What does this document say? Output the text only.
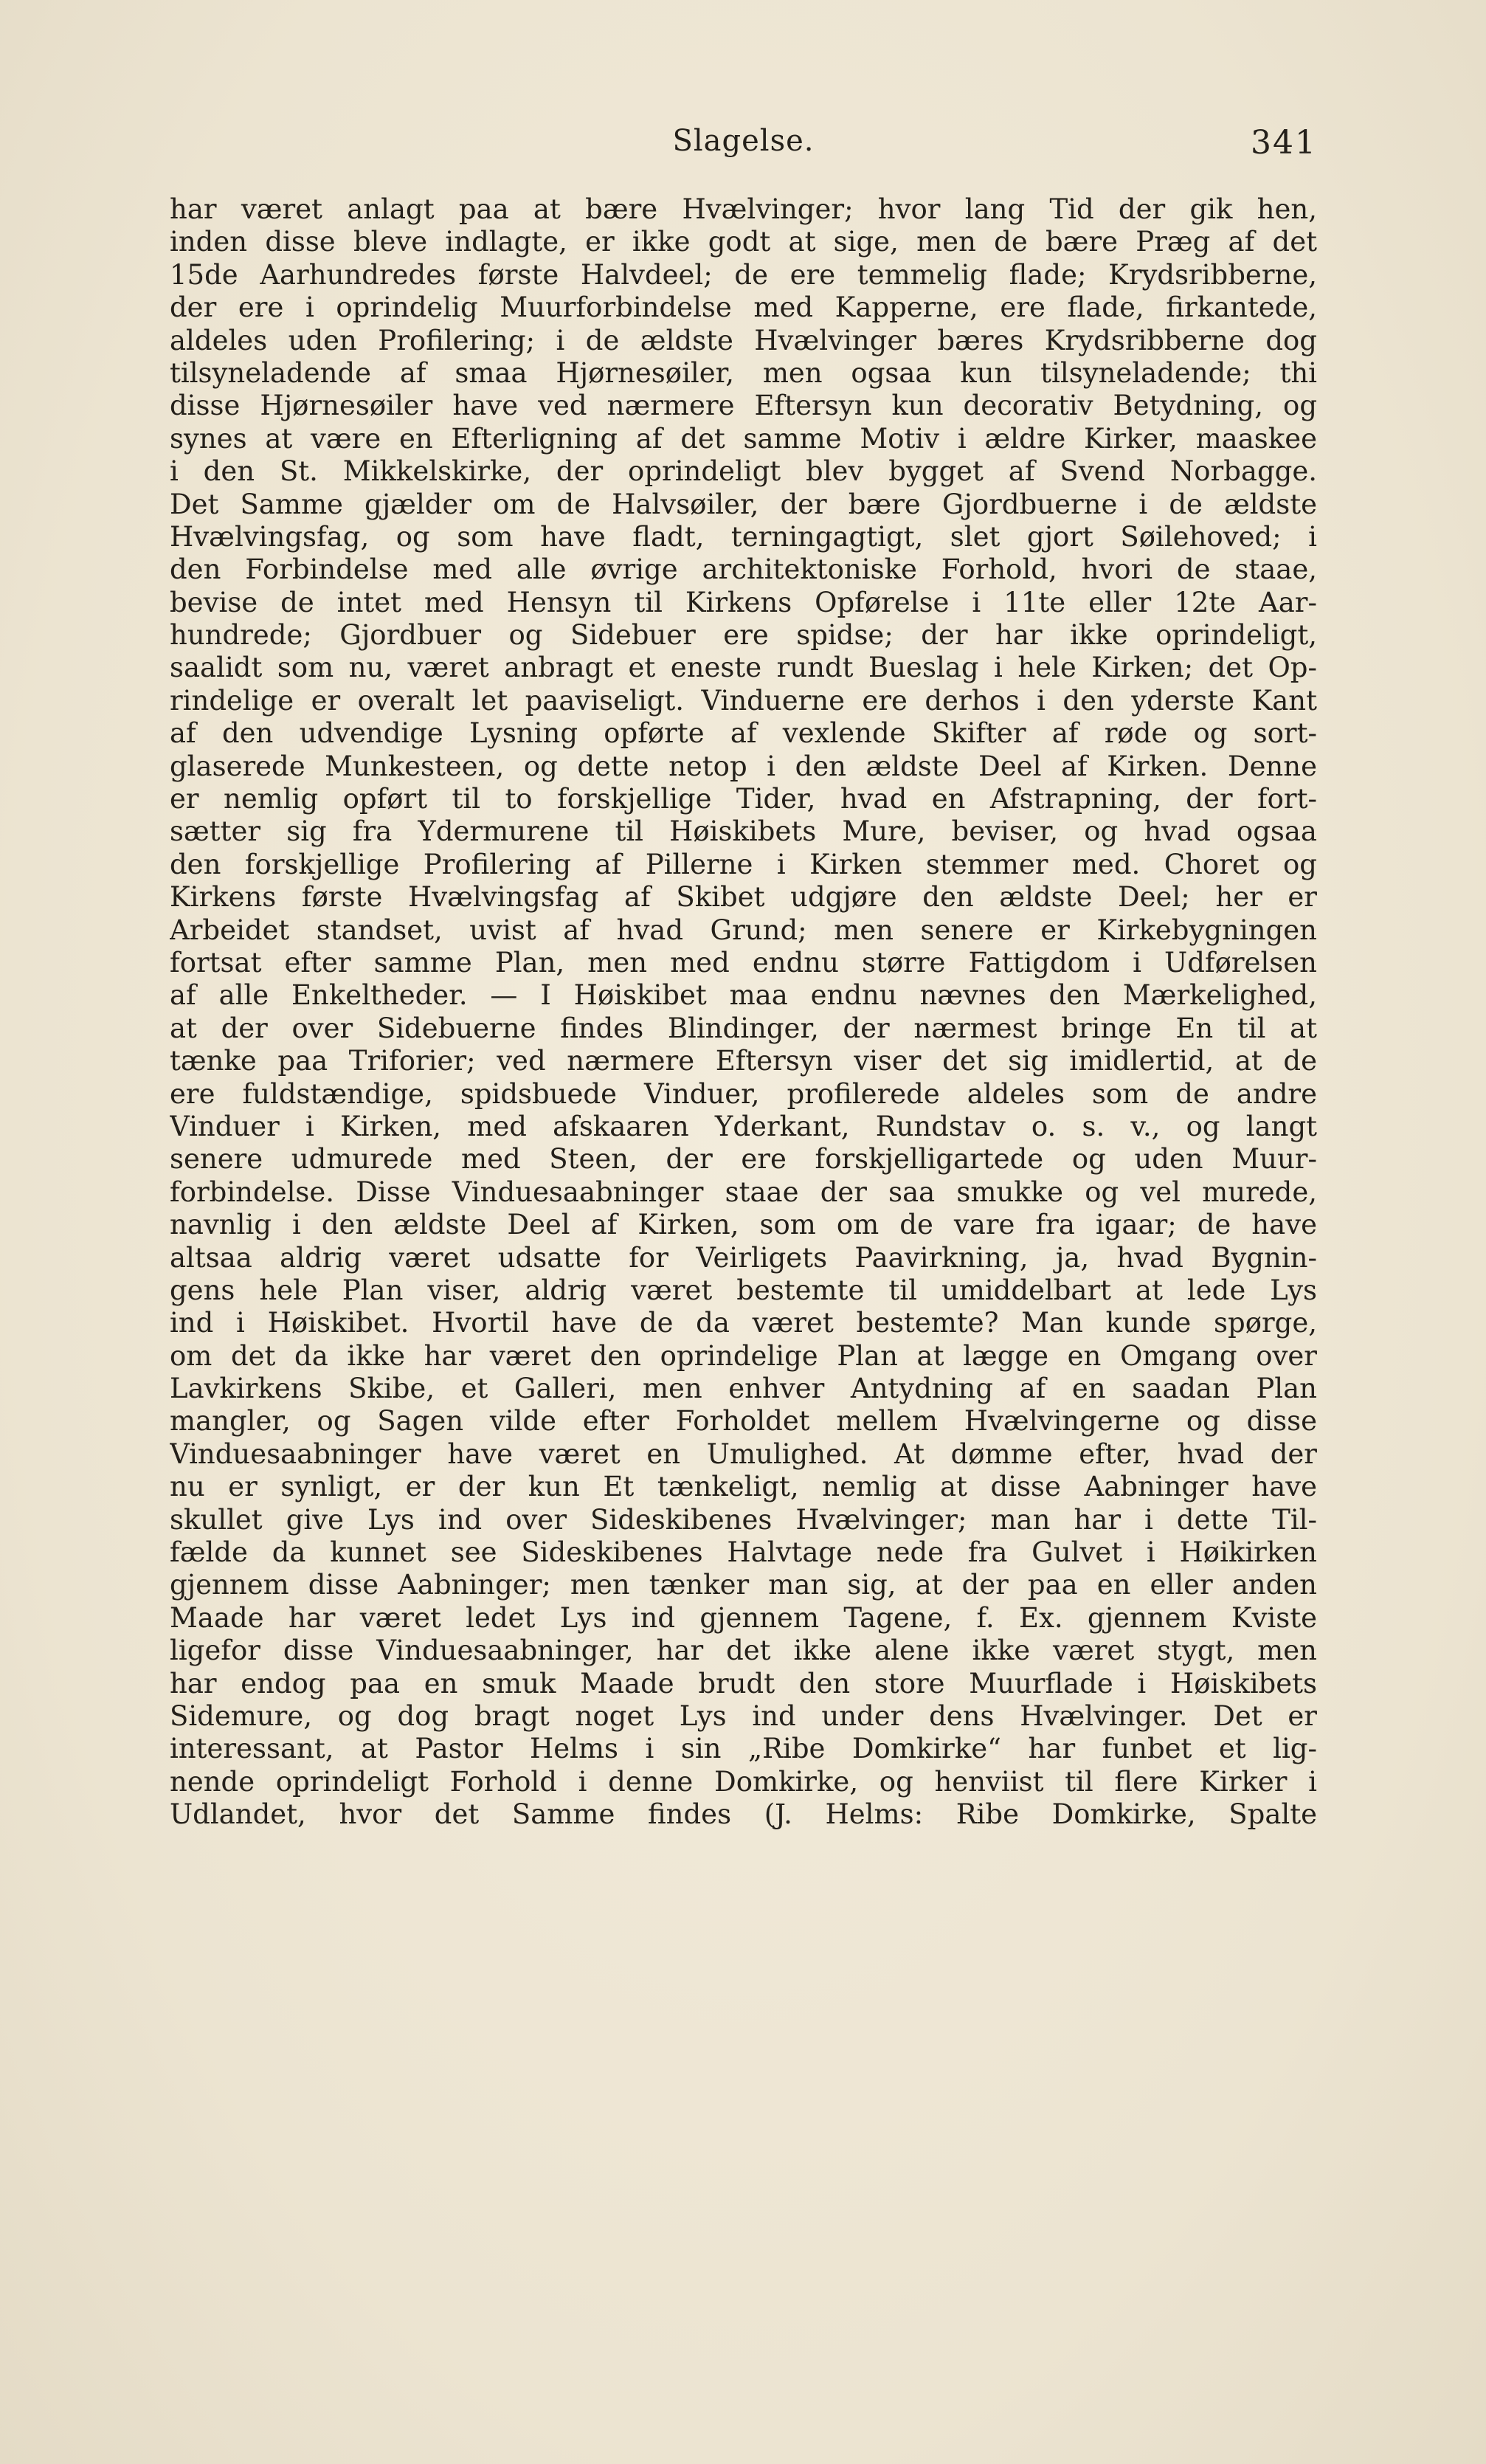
Slagelse.	341
har været anlagt paa at bære Hvælvinger; hvor lang Tid der gik hen,
inden disse bleve indlagte, er ikke godt at sige, men de bære Præg af det
15de Aarhundredes første Halvdeel; de ere temmelig flade; Krydsribberne,
der ere i oprindelig Muurforbindelse med Kapperne, ere flade, firkantede,
aldeles uden Profilering; i de ældste Hvælvinger bæres Krydsribberne dog
tilsyneladende af smaa Hjørnesøiler, men ogsaa kun tilsyneladende; thi
disse Hjørnesøiler have ved nærmere Eftersyn kun decorativ Betydning, og
synes at være en Efterligning af det samme Motiv i ældre Kirker, maaskee
i den St. Mikkelskirke, der oprindeligt blev bygget af Svend Norbagge.
Det Samme gjælder om de Halvsøiler, der bære Gjordbuerne i de ældste
Hvælvingsfag, og som have fladt, terningagtigt, slet gjort Søilehoved; i
den Forbindelse med alle øvrige architektoniske Forhold, hvori de staae,
bevise de intet med Hensyn til Kirkens Opførelse i 11te eller 12te Aar-
hundrede; Gjordbuer og Sidebuer ere spidse; der har ikke oprindeligt,
saalidt som nu, været anbragt et eneste rundt Bueslag i hele Kirken; det Op-
rindelige er overalt let paaviseligt. Vinduerne ere derhos i den yderste Kant
af den udvendige Lysning opførte af vexlende Skifter af røde og sort-
glaserede Munkesteen, og dette netop i den ældste Deel af Kirken. Denne
er nemlig opført til to forskjellige Tider, hvad en Afstrapning, der fort-
sætter sig fra Ydermurene til Høiskibets Mure, beviser, og hvad ogsaa
den forskjellige Profilering af Pillerne i Kirken stemmer med. Choret og
Kirkens første Hvælvingsfag af Skibet udgjøre den ældste Deel; her er
Arbeidet standset, uvist af hvad Grund; men senere er Kirkebygningen
fortsat efter samme Plan, men med endnu større Fattigdom i Udførelsen
af alle Enkeltheder. — I Høiskibet maa endnu nævnes den Mærkelighed,
at der over Sidebuerne findes Blindinger, der nærmest bringe En til at
tænke paa Triforier; ved nærmere Eftersyn viser det sig imidlertid, at de
ere fuldstændige, spidsbuede Vinduer, profilerede aldeles som de andre
Vinduer i Kirken, med afskaaren Yderkant, Rundstav o. s. v., og langt
senere udmurede med Steen, der ere forskjelligartede og uden Muur-
forbindelse. Disse Vinduesaabninger staae der saa smukke og vel murede,
navnlig i den ældste Deel af Kirken, som om de vare fra igaar; de have
altsaa aldrig været udsatte for Veirligets Paavirkning, ja, hvad Bygnin-
gens hele Plan viser, aldrig været bestemte til umiddelbart at lede Lys
ind i Høiskibet. Hvortil have de da været bestemte? Man kunde spørge,
om det da ikke har været den oprindelige Plan at lægge en Omgang over
Lavkirkens Skibe, et Galleri, men enhver Antydning af en saadan Plan
mangler, og Sagen vilde efter Forholdet mellem Hvælvingerne og disse
Vinduesaabninger have været en Umulighed. At dømme efter, hvad der
nu er synligt, er der kun Et tænkeligt, nemlig at disse Aabninger have
skullet give Lys ind over Sideskibenes Hvælvinger; man har i dette Til-
fælde da kunnet see Sideskibenes Halvtage nede fra Gulvet i Høikirken
gjennem disse Aabninger; men tænker man sig, at der paa en eller anden
Maade har været ledet Lys ind gjennem Tagene, f. Ex. gjennem Kviste
ligefor disse Vinduesaabninger, har det ikke alene ikke været stygt, men
har endog paa en smuk Maade brudt den store Muurflade i Høiskibets
Sidemure, og dog bragt noget Lys ind under dens Hvælvinger. Det er
interessant, at Pastor Helms i sin „Ribe Domkirke“ har funbet et lig-
nende oprindeligt Forhold i denne Domkirke, og henviist til flere Kirker i
Udlandet, hvor det Samme findes (J. Helms: Ribe Domkirke, Spalte
